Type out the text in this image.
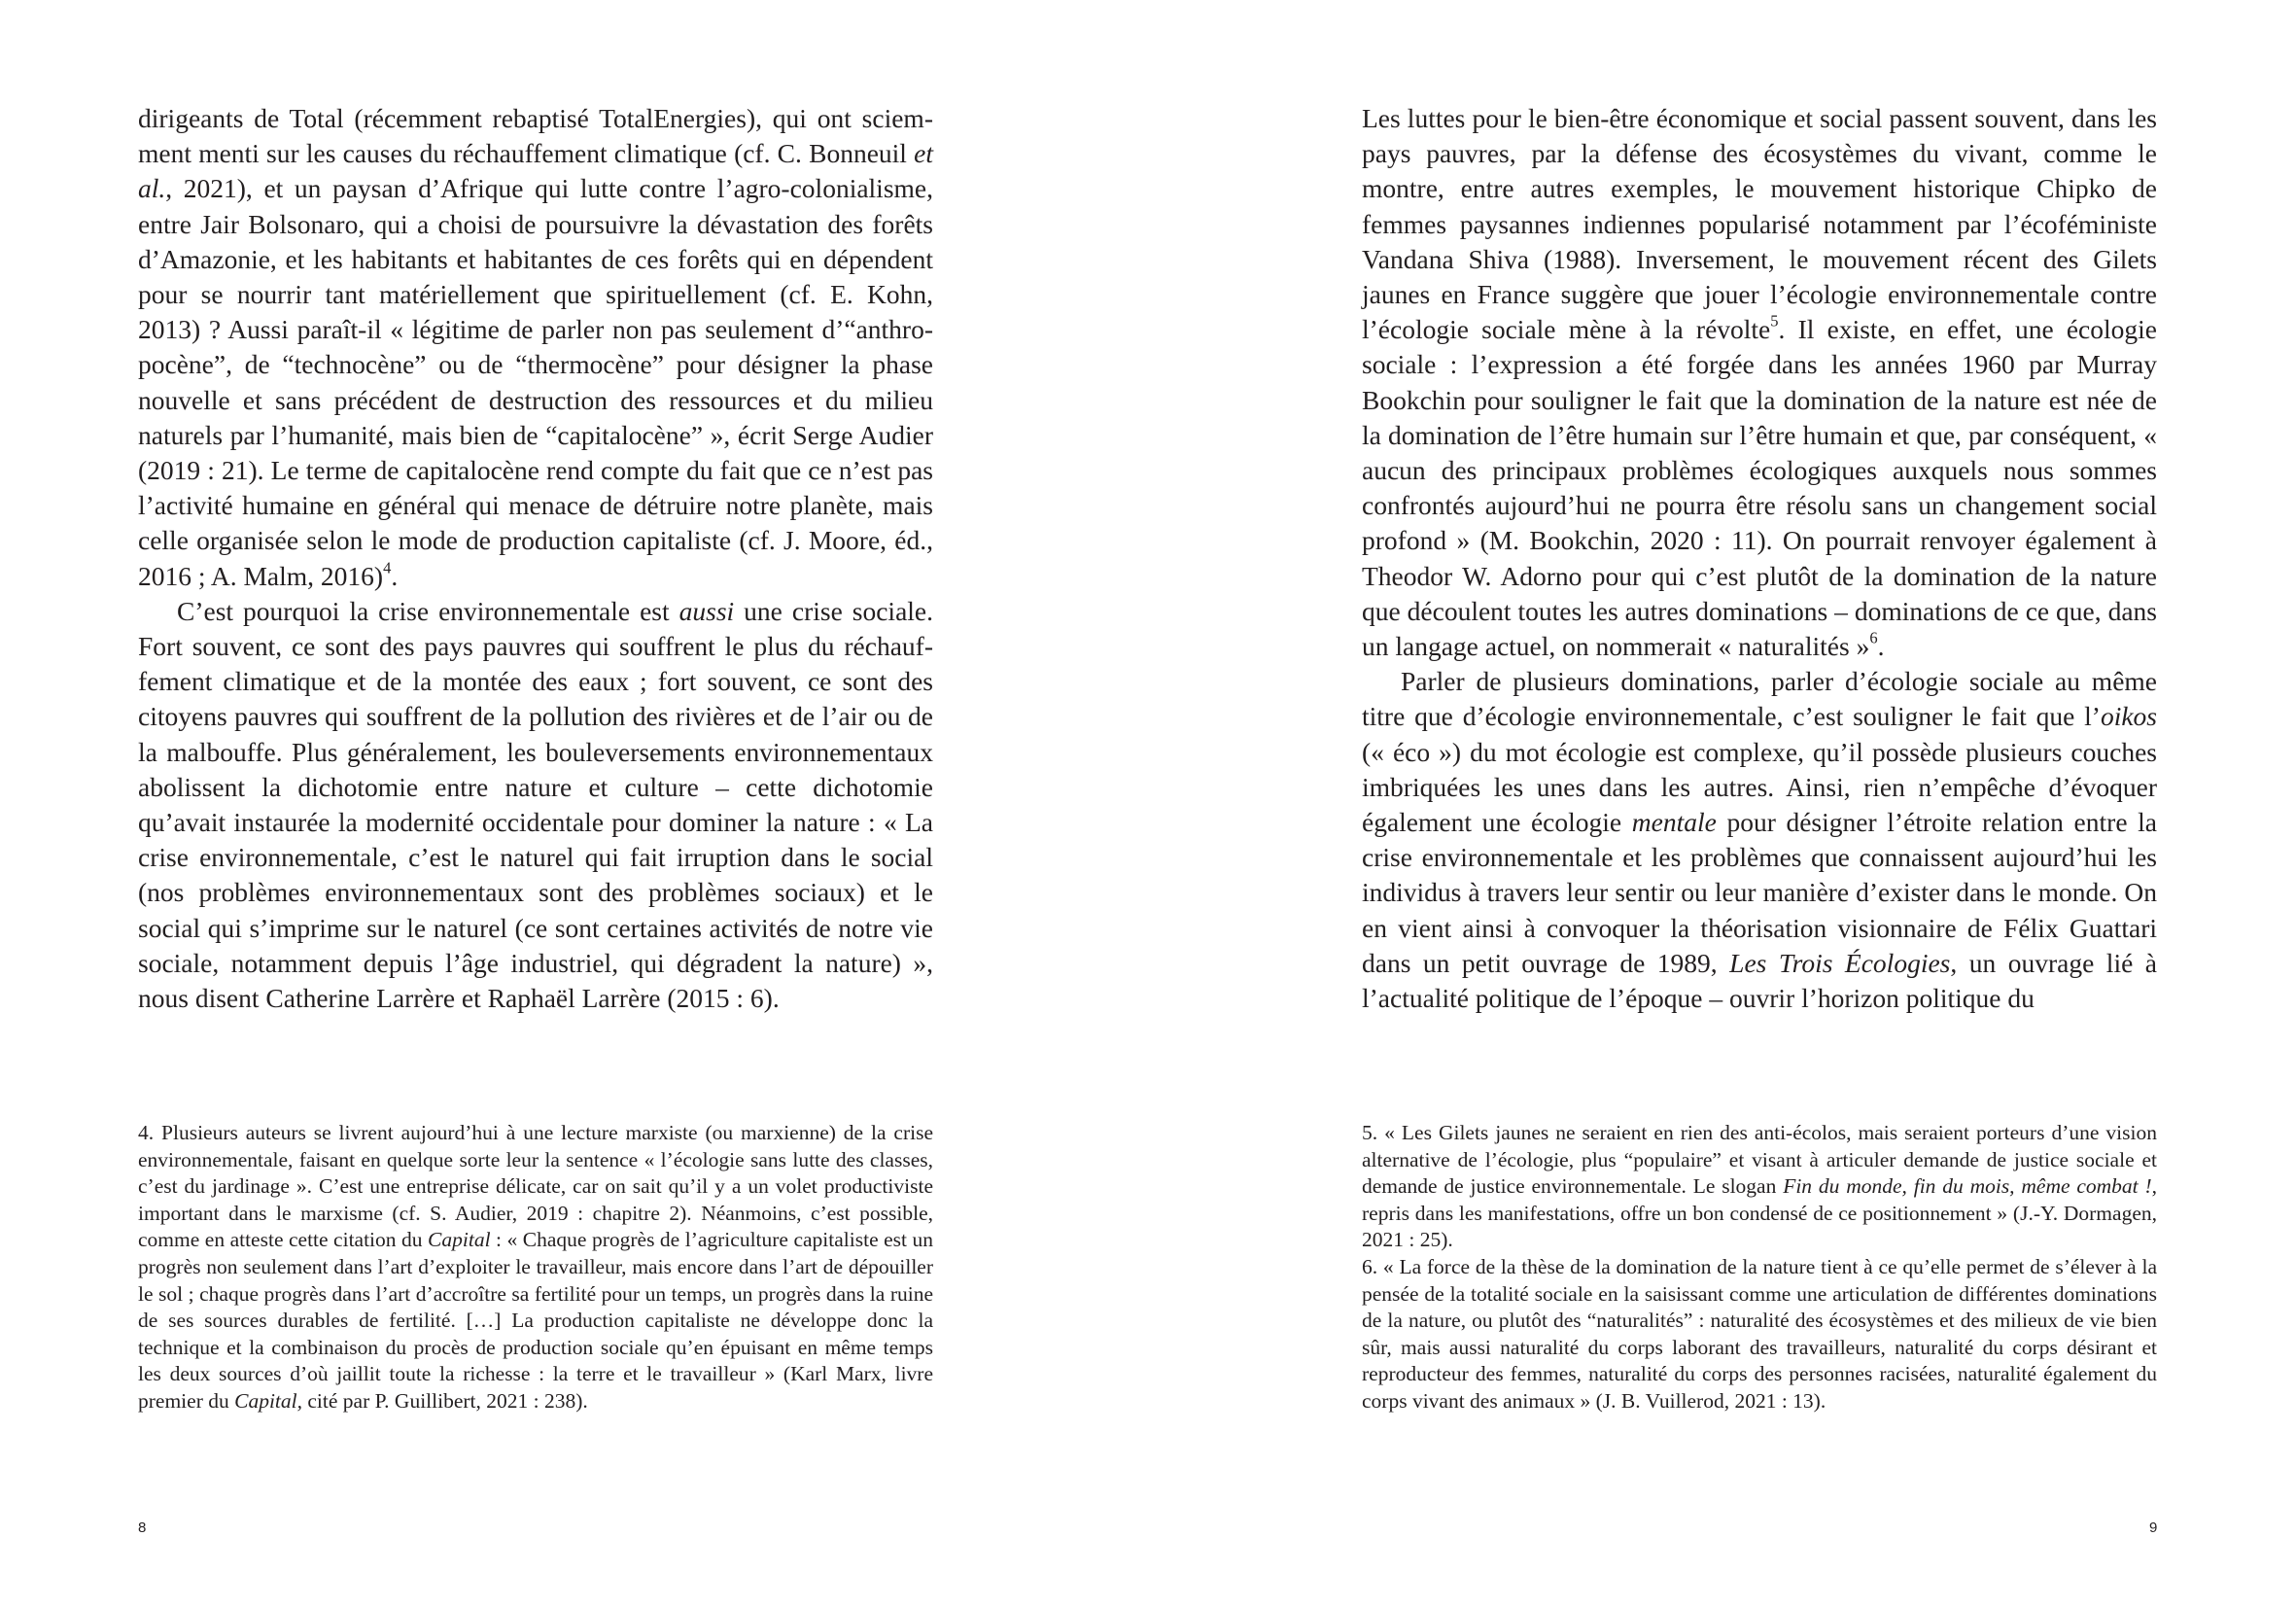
dirigeants de Total (récemment rebaptisé TotalEnergies), qui ont sciemment menti sur les causes du réchauffement climatique (cf. C. Bonneuil et al., 2021), et un paysan d’Afrique qui lutte contre l’agro-colonialisme, entre Jair Bolsonaro, qui a choisi de poursuivre la dévastation des forêts d’Amazonie, et les habitants et habitantes de ces forêts qui en dépendent pour se nourrir tant matériellement que spirituellement (cf. E. Kohn, 2013) ? Aussi paraît-il « légitime de parler non pas seulement d’“anthropocène”, de “technocène” ou de “thermocène” pour désigner la phase nouvelle et sans précédent de destruction des ressources et du milieu naturels par l’humanité, mais bien de “capitalocène” », écrit Serge Audier (2019 : 21). Le terme de capitalocène rend compte du fait que ce n’est pas l’activité humaine en général qui menace de détruire notre planète, mais celle organisée selon le mode de production capitaliste (cf. J. Moore, éd., 2016 ; A. Malm, 2016)$^4$.

C’est pourquoi la crise environnementale est aussi une crise sociale. Fort souvent, ce sont des pays pauvres qui souffrent le plus du réchauffement climatique et de la montée des eaux ; fort souvent, ce sont des citoyens pauvres qui souffrent de la pollution des rivières et de l’air ou de la malbouffe. Plus généralement, les bouleversements environnementaux abolissent la dichotomie entre nature et culture – cette dichotomie qu’avait instaurée la modernité occidentale pour dominer la nature : « La crise environnementale, c’est le naturel qui fait irruption dans le social (nos problèmes environnementaux sont des problèmes sociaux) et le social qui s’imprime sur le naturel (ce sont certaines activités de notre vie sociale, notamment depuis l’âge industriel, qui dégradent la nature) », nous disent Catherine Larrère et Raphaël Larrère (2015 : 6).

4. Plusieurs auteurs se livrent aujourd’hui à une lecture marxiste (ou marxienne) de la crise environnementale, faisant en quelque sorte leur la sentence « l’écologie sans lutte des classes, c’est du jardinage ». C’est une entreprise délicate, car on sait qu’il y a un volet productiviste important dans le marxisme (cf. S. Audier, 2019 : chapitre 2). Néanmoins, c’est possible, comme en atteste cette citation du Capital : « Chaque progrès de l’agriculture capitaliste est un progrès non seulement dans l’art d’exploiter le travailleur, mais encore dans l’art de dépouiller le sol ; chaque progrès dans l’art d’accroître sa fertilité pour un temps, un progrès dans la ruine de ses sources durables de fertilité. […] La production capitaliste ne développe donc la technique et la combinaison du procès de production sociale qu’en épuisant en même temps les deux sources d’où jaillit toute la richesse : la terre et le travailleur » (Karl Marx, livre premier du Capital, cité par P. Guillibert, 2021 : 238).

8

Les luttes pour le bien-être économique et social passent souvent, dans les pays pauvres, par la défense des écosystèmes du vivant, comme le montre, entre autres exemples, le mouvement historique Chipko de femmes paysannes indiennes popularisé notamment par l’écoféministe Vandana Shiva (1988). Inversement, le mouvement récent des Gilets jaunes en France suggère que jouer l’écologie environnementale contre l’écologie sociale mène à la révolte$^5$. Il existe, en effet, une écologie sociale : l’expression a été forgée dans les années 1960 par Murray Bookchin pour souligner le fait que la domination de la nature est née de la domination de l’être humain sur l’être humain et que, par conséquent, « aucun des principaux problèmes écologiques auxquels nous sommes confrontés aujourd’hui ne pourra être résolu sans un changement social profond » (M. Bookchin, 2020 : 11). On pourrait renvoyer également à Theodor W. Adorno pour qui c’est plutôt de la domination de la nature que découlent toutes les autres dominations – dominations de ce que, dans un langage actuel, on nommerait « naturalités »$^6$.

Parler de plusieurs dominations, parler d’écologie sociale au même titre que d’écologie environnementale, c’est souligner le fait que l’oikos (« éco ») du mot écologie est complexe, qu’il possède plusieurs couches imbriquées les unes dans les autres. Ainsi, rien n’empêche d’évoquer également une écologie mentale pour désigner l’étroite relation entre la crise environnementale et les problèmes que connaissent aujourd’hui les individus à travers leur sentir ou leur manière d’exister dans le monde. On en vient ainsi à convoquer la théorisation visionnaire de Félix Guattari dans un petit ouvrage de 1989, Les Trois Écologies, un ouvrage lié à l’actualité politique de l’époque – ouvrir l’horizon politique du

5. « Les Gilets jaunes ne seraient en rien des anti-écolos, mais seraient porteurs d’une vision alternative de l’écologie, plus “populaire” et visant à articuler demande de justice sociale et demande de justice environnementale. Le slogan Fin du monde, fin du mois, même combat !, repris dans les manifestations, offre un bon condensé de ce positionnement » (J.-Y. Dormagen, 2021 : 25).

6. « La force de la thèse de la domination de la nature tient à ce qu’elle permet de s’élever à la pensée de la totalité sociale en la saisissant comme une articulation de différentes dominations de la nature, ou plutôt des “naturalités” : naturalité des écosystèmes et des milieux de vie bien sûr, mais aussi naturalité du corps laborant des travailleurs, naturalité du corps désirant et reproducteur des femmes, naturalité du corps des personnes racisées, naturalité également du corps vivant des animaux » (J. B. Vuillerod, 2021 : 13).

9
